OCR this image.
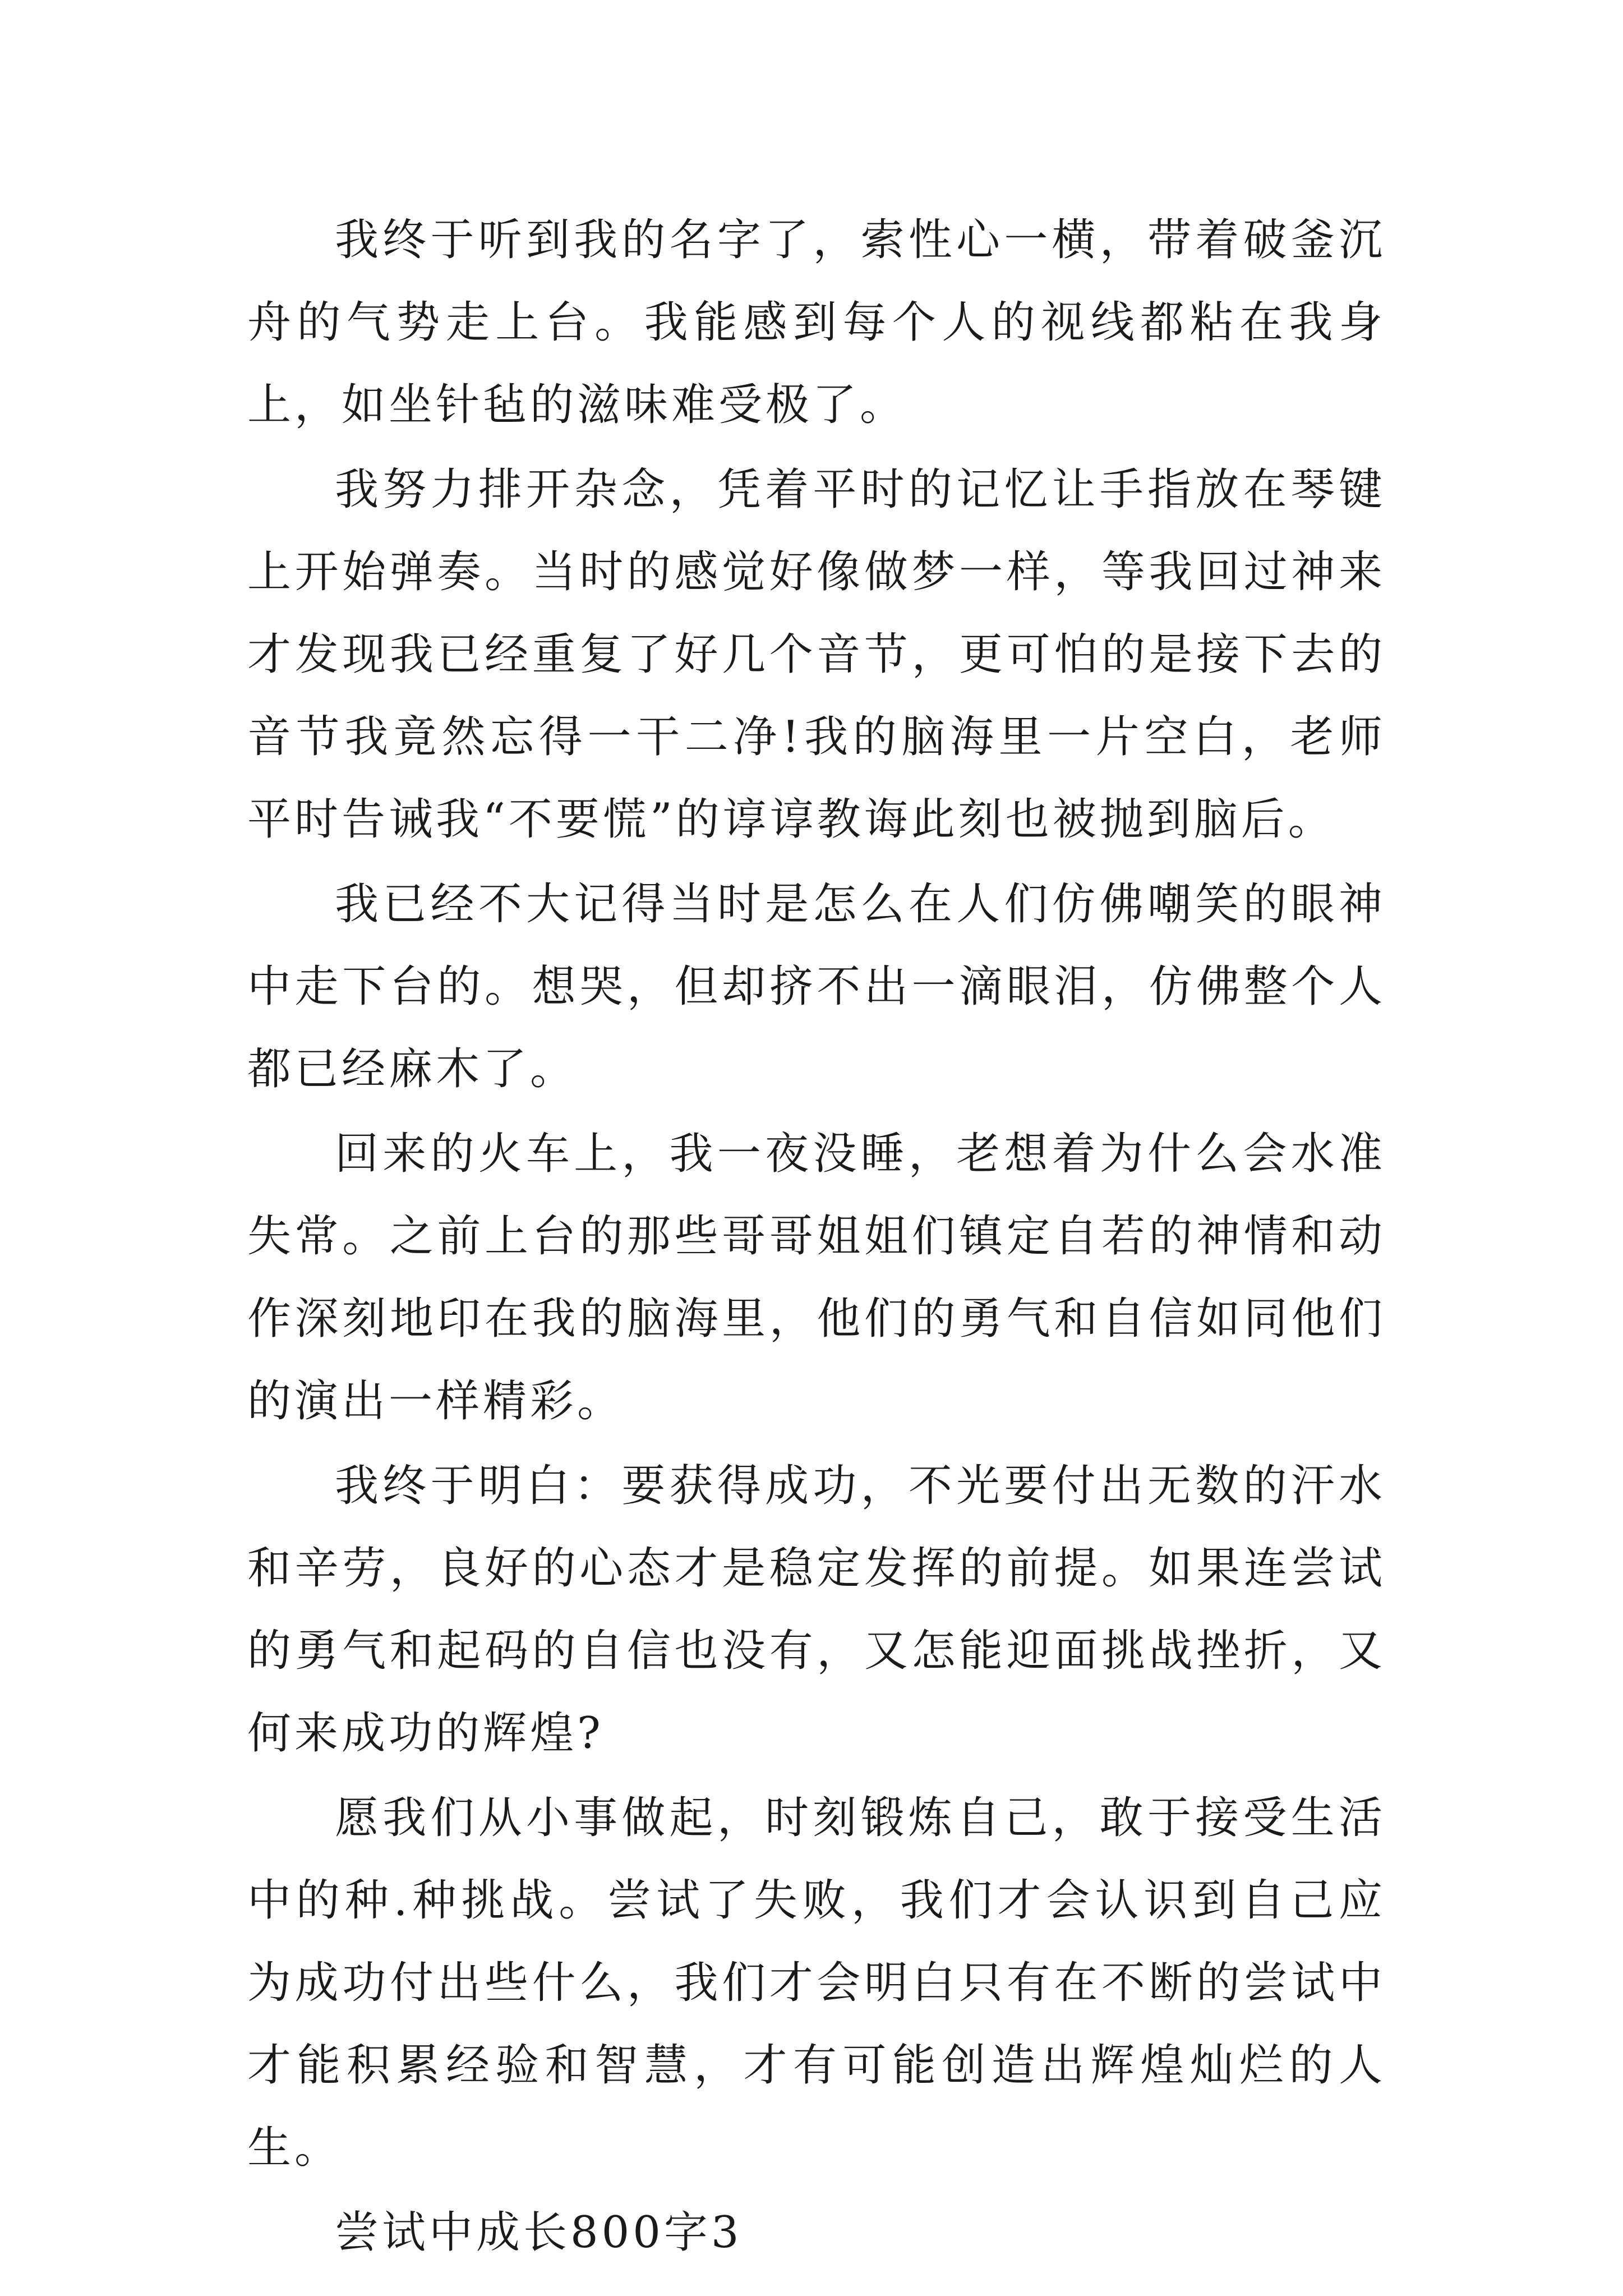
我终于听到我的名字了，索性心一横，带着破釜沉舟的气势走上台。我能感到每个人的视线都粘在我身上，如坐针毡的滋味难受极了。

我努力排开杂念，凭着平时的记忆让手指放在琴键上开始弹奏。当时的感觉好像做梦一样，等我回过神来才发现我已经重复了好几个音节，更可怕的是接下去的音节我竟然忘得一干二净!我的脑海里一片空白，老师平时告诫我“不要慌”的谆谆教诲此刻也被抛到脑后。

我已经不大记得当时是怎么在人们仿佛嘲笑的眼神中走下台的。想哭，但却挤不出一滴眼泪，仿佛整个人都已经麻木了。

回来的火车上，我一夜没睡，老想着为什么会水准失常。之前上台的那些哥哥姐姐们镇定自若的神情和动作深刻地印在我的脑海里，他们的勇气和自信如同他们的演出一样精彩。

我终于明白：要获得成功，不光要付出无数的汗水和辛劳，良好的心态才是稳定发挥的前提。如果连尝试的勇气和起码的自信也没有，又怎能迎面挑战挫折，又何来成功的辉煌?

愿我们从小事做起，时刻锻炼自己，敢于接受生活中的种.种挑战。尝试了失败，我们才会认识到自己应为成功付出些什么，我们才会明白只有在不断的尝试中才能积累经验和智慧，才有可能创造出辉煌灿烂的人生。

尝试中成长800字3
